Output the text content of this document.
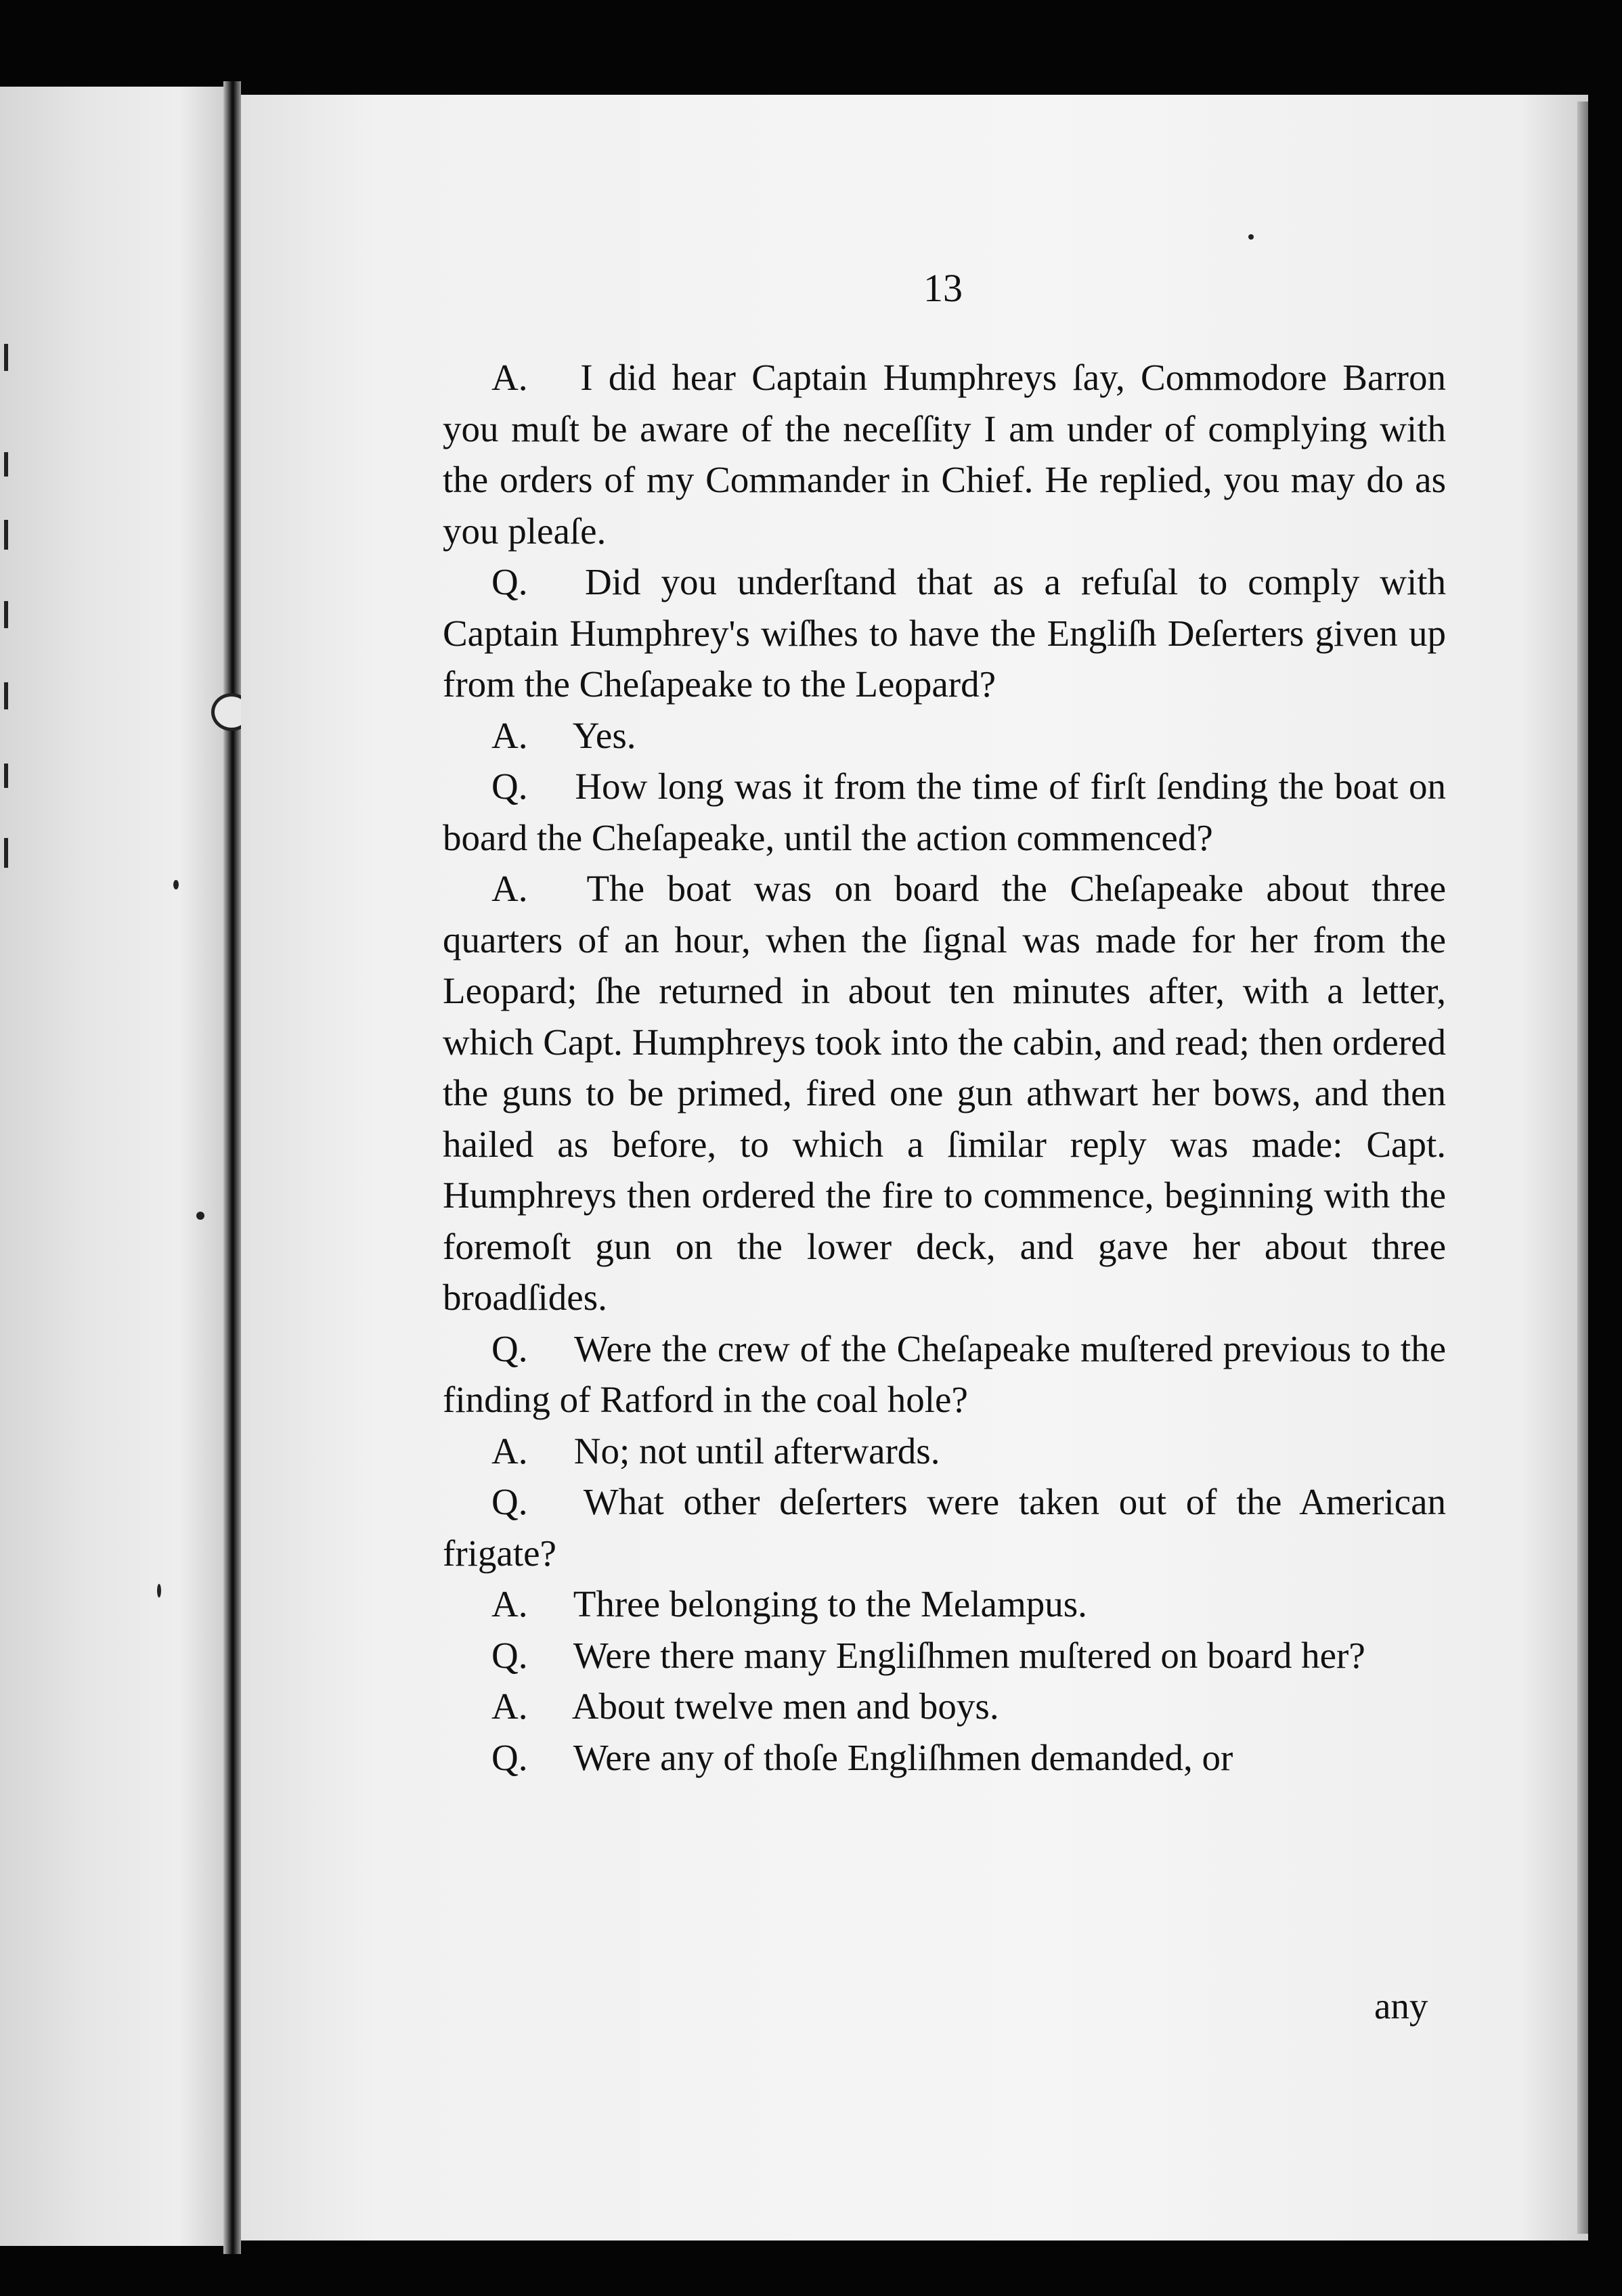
13

A. I did hear Captain Humphreys ſay, Commodore Barron you muſt be aware of the neceſſity I am under of complying with the orders of my Commander in Chief. He replied, you may do as you pleaſe.

Q. Did you underſtand that as a refuſal to comply with Captain Humphrey's wiſhes to have the Engliſh Deſerters given up from the Cheſapeake to the Leopard?

A. Yes.

Q. How long was it from the time of firſt ſending the boat on board the Cheſapeake, until the action commenced?

A. The boat was on board the Cheſapeake about three quarters of an hour, when the ſignal was made for her from the Leopard; ſhe returned in about ten minutes after, with a letter, which Capt. Humphreys took into the cabin, and read; then ordered the guns to be primed, fired one gun athwart her bows, and then hailed as before, to which a ſimilar reply was made: Capt. Humphreys then ordered the fire to commence, beginning with the foremoſt gun on the lower deck, and gave her about three broadſides.

Q. Were the crew of the Cheſapeake muſtered previous to the finding of Ratford in the coal hole?

A. No; not until afterwards.

Q. What other deſerters were taken out of the American frigate?

A. Three belonging to the Melampus.

Q. Were there many Engliſhmen muſtered on board her?

A. About twelve men and boys.

Q. Were any of thoſe Engliſhmen demanded, or

any
